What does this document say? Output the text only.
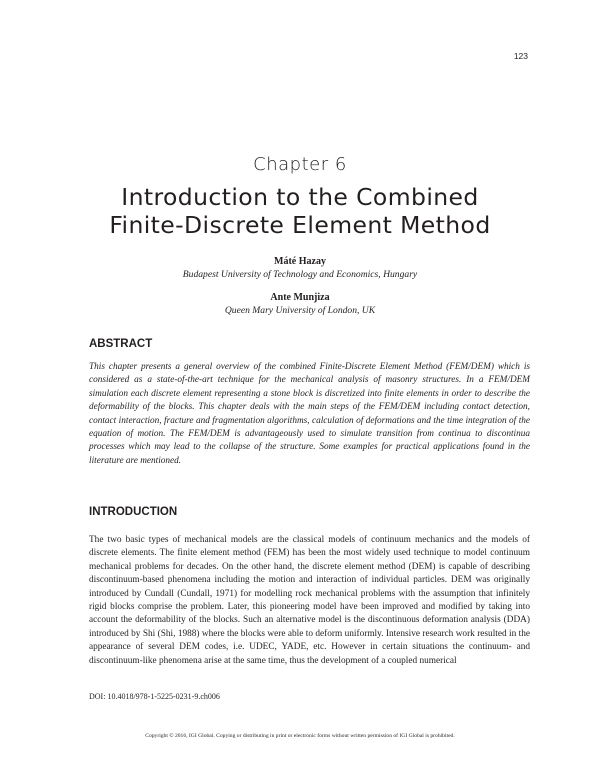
123
Chapter 6
Introduction to the Combined
Finite-Discrete Element Method
Máté Hazay
Budapest University of Technology and Economics, Hungary
Ante Munjiza
Queen Mary University of London, UK
ABSTRACT

This chapter presents a general overview of the combined Finite-Discrete Element Method (FEM/DEM) which is considered as a state-of-the-art technique for the mechanical analysis of masonry structures. In a FEM/DEM simulation each discrete element representing a stone block is discretized into finite elements in order to describe the deformability of the blocks. This chapter deals with the main steps of the FEM/DEM including contact detection, contact interaction, fracture and fragmentation algorithms, calculation of deformations and the time integration of the equation of motion. The FEM/DEM is advantageously used to simulate transition from continua to discontinua processes which may lead to the collapse of the structure. Some examples for practical applications found in the literature are mentioned.

INTRODUCTION

The two basic types of mechanical models are the classical models of continuum mechanics and the models of discrete elements. The finite element method (FEM) has been the most widely used technique to model continuum mechanical problems for decades. On the other hand, the discrete element method (DEM) is capable of describing discontinuum-based phenomena including the motion and interaction of individual particles. DEM was originally introduced by Cundall (Cundall, 1971) for modelling rock mechanical problems with the assumption that infinitely rigid blocks comprise the problem. Later, this pioneering model have been improved and modified by taking into account the deformability of the blocks. Such an alternative model is the discontinuous deformation analysis (DDA) introduced by Shi (Shi, 1988) where the blocks were able to deform uniformly. Intensive research work resulted in the appearance of several DEM codes, i.e. UDEC, YADE, etc. However in certain situations the continuum- and discontinuum-like phenomena arise at the same time, thus the development of a coupled numerical

DOI: 10.4018/978-1-5225-0231-9.ch006
Copyright © 2016, IGI Global. Copying or distributing in print or electronic forms without written permission of IGI Global is prohibited.
